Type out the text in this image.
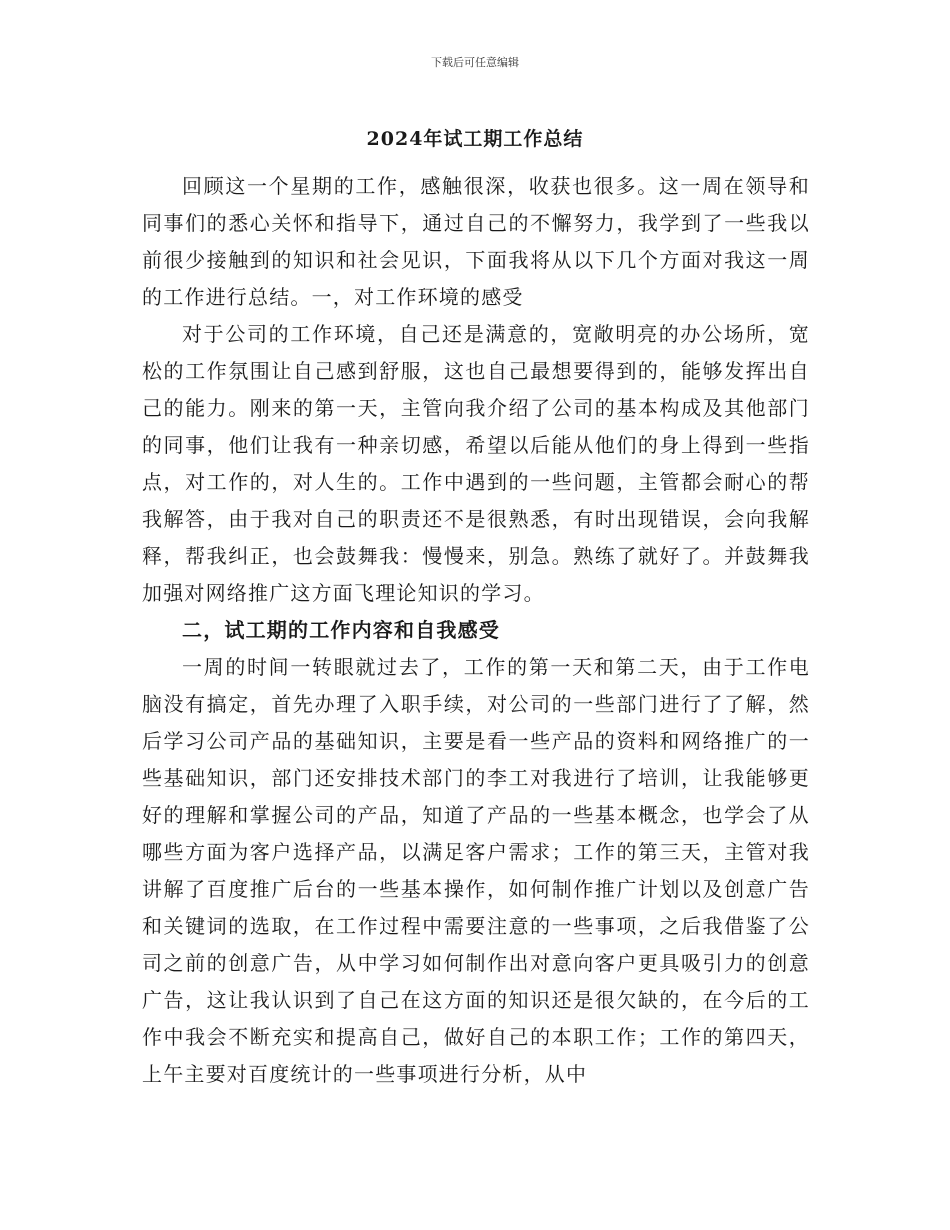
下载后可任意编辑
2024年试工期工作总结

回顾这一个星期的工作，感触很深，收获也很多。这一周在领导和同事们的悉心关怀和指导下，通过自己的不懈努力，我学到了一些我以前很少接触到的知识和社会见识，下面我将从以下几个方面对我这一周的工作进行总结。一，对工作环境的感受

对于公司的工作环境，自己还是满意的，宽敞明亮的办公场所，宽松的工作氛围让自己感到舒服，这也自己最想要得到的，能够发挥出自己的能力。刚来的第一天，主管向我介绍了公司的基本构成及其他部门的同事，他们让我有一种亲切感，希望以后能从他们的身上得到一些指点，对工作的，对人生的。工作中遇到的一些问题，主管都会耐心的帮我解答，由于我对自己的职责还不是很熟悉，有时出现错误，会向我解释，帮我纠正，也会鼓舞我：慢慢来，别急。熟练了就好了。并鼓舞我加强对网络推广这方面飞理论知识的学习。

二，试工期的工作内容和自我感受

一周的时间一转眼就过去了，工作的第一天和第二天，由于工作电脑没有搞定，首先办理了入职手续，对公司的一些部门进行了了解，然后学习公司产品的基础知识，主要是看一些产品的资料和网络推广的一些基础知识，部门还安排技术部门的李工对我进行了培训，让我能够更好的理解和掌握公司的产品，知道了产品的一些基本概念，也学会了从哪些方面为客户选择产品，以满足客户需求；工作的第三天，主管对我讲解了百度推广后台的一些基本操作，如何制作推广计划以及创意广告和关键词的选取，在工作过程中需要注意的一些事项，之后我借鉴了公司之前的创意广告，从中学习如何制作出对意向客户更具吸引力的创意广告，这让我认识到了自己在这方面的知识还是很欠缺的，在今后的工作中我会不断充实和提高自己，做好自己的本职工作；工作的第四天，上午主要对百度统计的一些事项进行分析，从中
